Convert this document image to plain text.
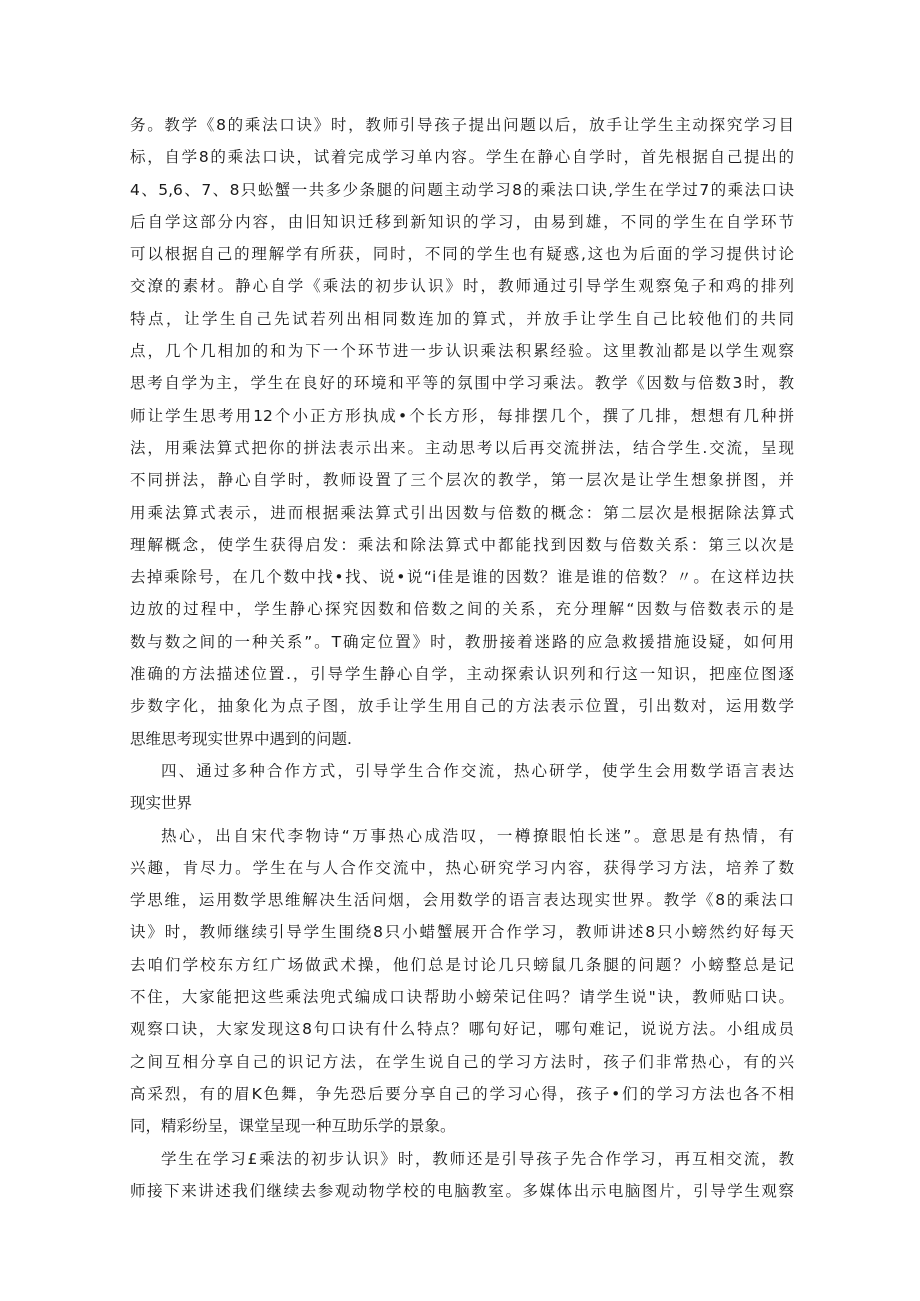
务。教学《8的乘法口诀》时，教师引导孩子提出问题以后，放手让学生主动探究学习目
标，自学8的乘法口诀，试着完成学习单内容。学生在静心自学时，首先根据自己提出的
4、5,6、7、8只蚣蟹一共多少条腿的问题主动学习8的乘法口诀,学生在学过7的乘法口诀
后自学这部分内容，由旧知识迁移到新知识的学习，由易到雄，不同的学生在自学环节
可以根据自己的理解学有所获，同时，不同的学生也有疑惑,这也为后面的学习提供讨论
交潦的素材。静心自学《乘法的初步认识》时，教师通过引导学生观察兔子和鸡的排列
特点，让学生自己先试若列出相同数连加的算式，并放手让学生自己比较他们的共同
点，几个几相加的和为下一个环节进一步认识乘法积累经验。这里教汕都是以学生观察
思考自学为主，学生在良好的环境和平等的氛围中学习乘法。教学《因数与倍数3时，教
师让学生思考用12个小正方形执成•个长方形，每排摆几个，撰了几排，想想有几种拼
法，用乘法算式把你的拼法表示出来。主动思考以后再交流拼法，结合学生.交流，呈现
不同拼法，静心自学时，教师设置了三个层次的教学，第一层次是让学生想象拼图，并
用乘法算式表示，进而根据乘法算式引出因数与倍数的概念：第二层次是根据除法算式
理解概念，使学生获得启发：乘法和除法算式中都能找到因数与倍数关系：第三以次是
去掉乘除号，在几个数中找•找、说•说“i佳是谁的因数？谁是谁的倍数？〃。在这样边扶
边放的过程中，学生静心探究因数和倍数之间的关系，充分理解“因数与倍数表示的是
数与数之间的一种关系”。T确定位置》时，教册接着迷路的应急救援措施设疑，如何用
准确的方法描述位置.，引导学生静心自学，主动探索认识列和行这一知识，把座位图逐
步数字化，抽象化为点子图，放手让学生用自己的方法表示位置，引出数对，运用数学
思维思考现实世界中遇到的问题.
四、通过多种合作方式，引导学生合作交流，热心研学，使学生会用数学语言表达
现实世界
热心，出自宋代李物诗“万事热心成浩叹，一樽撩眼怕长迷”。意思是有热情，有
兴趣，肯尽力。学生在与人合作交流中，热心研究学习内容，获得学习方法，培养了数
学思维，运用数学思维解决生活问烟，会用数学的语言表达现实世界。教学《8的乘法口
诀》时，教师继续引导学生围绕8只小蜡蟹展开合作学习，教师讲述8只小螃然约好每天
去咱们学校东方红广场做武术操，他们总是讨论几只螃鼠几条腿的问题？小螃整总是记
不住，大家能把这些乘法兜式编成口诀帮助小螃荣记住吗？请学生说"诀，教师贴口诀。
观察口诀，大家发现这8句口诀有什么特点？哪句好记，哪句难记，说说方法。小组成员
之间互相分享自己的识记方法，在学生说自己的学习方法时，孩子们非常热心，有的兴
高采烈，有的眉K色舞，争先恐后要分享自己的学习心得，孩子•们的学习方法也各不相
同，精彩纷呈，课堂呈现一种互助乐学的景象。
学生在学习£乘法的初步认识》时，教师还是引导孩子先合作学习，再互相交流，教
师接下来讲述我们继续去参观动物学校的电脑教室。多媒体出示电脑图片，引导学生观察
